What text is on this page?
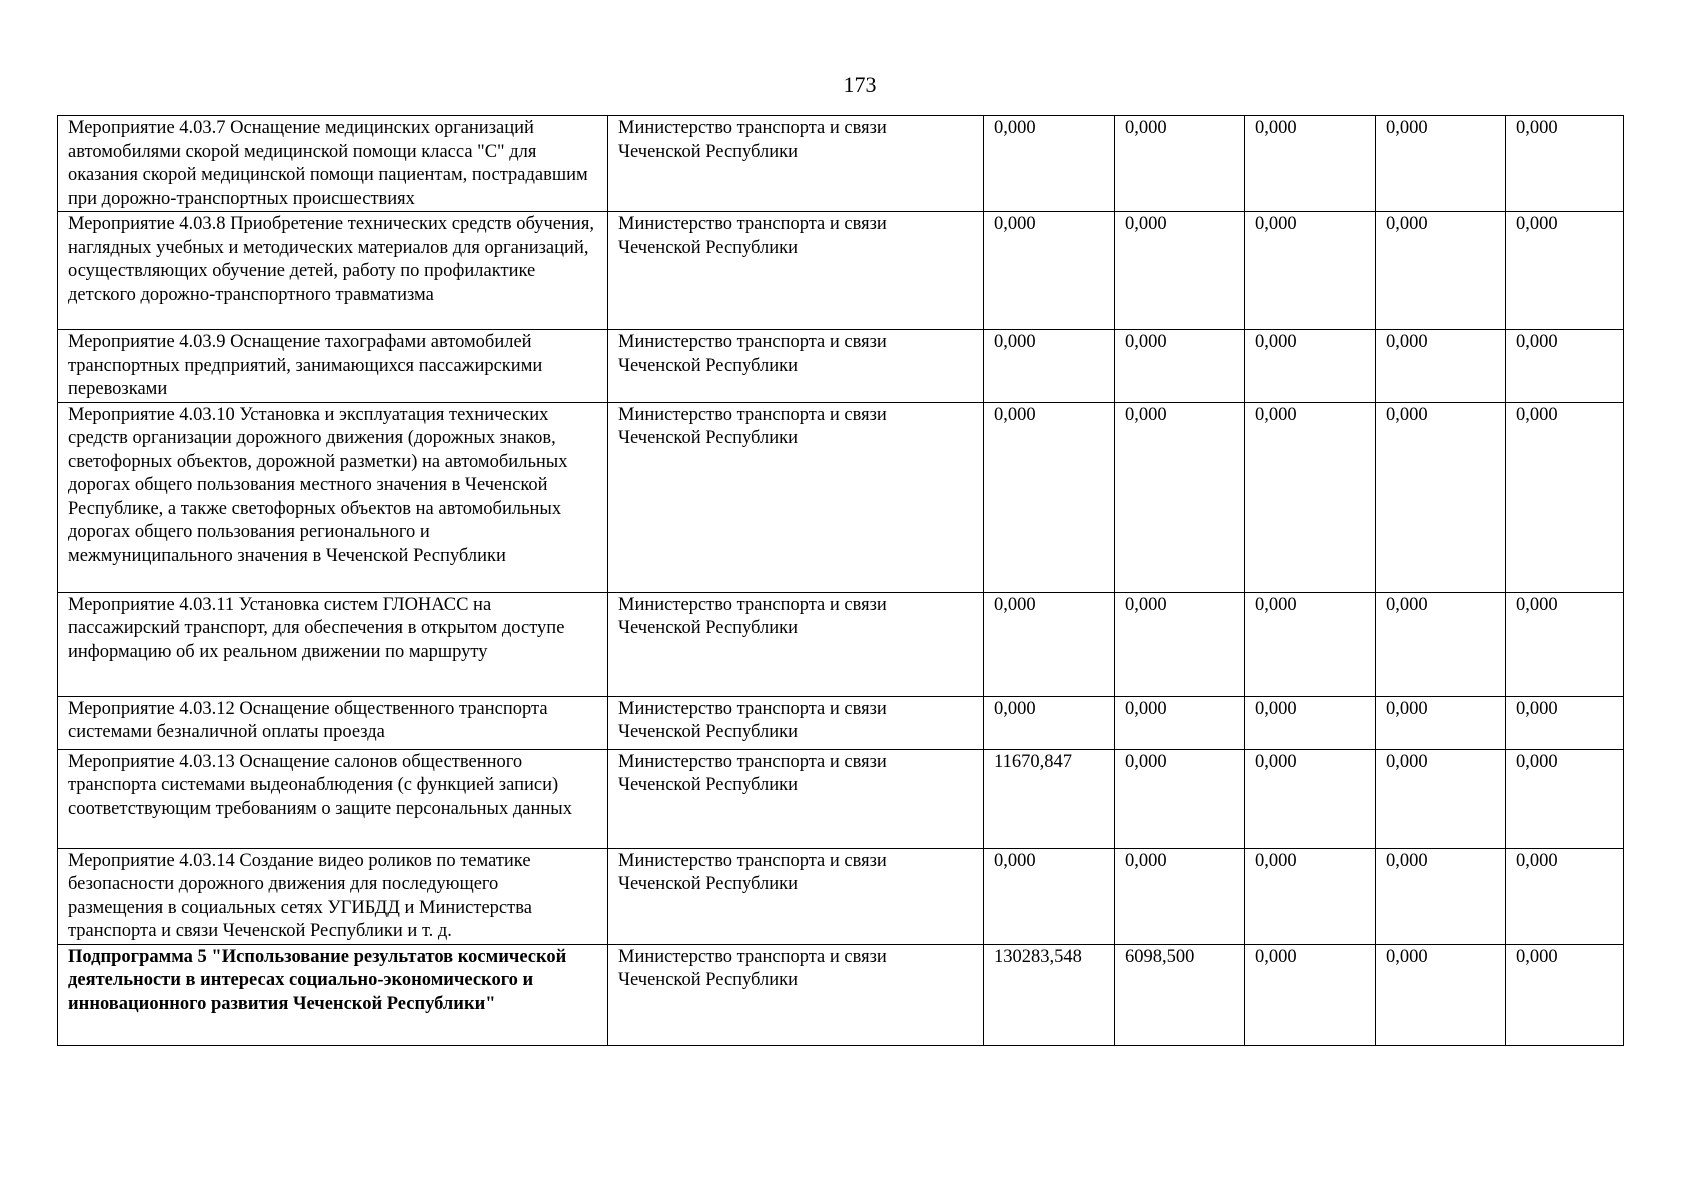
173
Мероприятие 4.03.7 Оснащение медицинских организаций автомобилями скорой медицинской помощи класса "С" для оказания скорой медицинской помощи пациентам, пострадавшим при дорожно-транспортных происшествиях	Министерство транспорта и связи Чеченской Республики	0,000	0,000	0,000	0,000	0,000
Мероприятие 4.03.8 Приобретение технических средств обучения, наглядных учебных и методических материалов для организаций, осуществляющих обучение детей, работу по профилактике детского дорожно-транспортного травматизма	Министерство транспорта и связи Чеченской Республики	0,000	0,000	0,000	0,000	0,000
Мероприятие 4.03.9 Оснащение тахографами автомобилей транспортных предприятий, занимающихся пассажирскими перевозками	Министерство транспорта и связи Чеченской Республики	0,000	0,000	0,000	0,000	0,000
Мероприятие 4.03.10 Установка и эксплуатация технических средств организации дорожного движения (дорожных знаков, светофорных объектов, дорожной разметки) на автомобильных дорогах общего пользования местного значения в Чеченской Республике, а также светофорных объектов на автомобильных дорогах общего пользования регионального и межмуниципального значения в Чеченской Республики	Министерство транспорта и связи Чеченской Республики	0,000	0,000	0,000	0,000	0,000
Мероприятие 4.03.11 Установка систем ГЛОНАСС на пассажирский транспорт, для обеспечения в открытом доступе информацию об их реальном движении по маршруту	Министерство транспорта и связи Чеченской Республики	0,000	0,000	0,000	0,000	0,000
Мероприятие 4.03.12 Оснащение общественного транспорта системами безналичной оплаты проезда	Министерство транспорта и связи Чеченской Республики	0,000	0,000	0,000	0,000	0,000
Мероприятие 4.03.13 Оснащение салонов общественного транспорта системами выдеонаблюдения (с функцией записи) соответствующим требованиям о защите персональных данных	Министерство транспорта и связи Чеченской Республики	11670,847	0,000	0,000	0,000	0,000
Мероприятие 4.03.14 Создание видео роликов по тематике безопасности дорожного движения для последующего размещения в социальных сетях УГИБДД и Министерства транспорта и связи Чеченской Республики и т. д.	Министерство транспорта и связи Чеченской Республики	0,000	0,000	0,000	0,000	0,000
Подпрограмма 5 "Использование результатов космической деятельности в интересах социально-экономического и инновационного развития Чеченской Республики"	Министерство транспорта и связи Чеченской Республики	130283,548	6098,500	0,000	0,000	0,000
